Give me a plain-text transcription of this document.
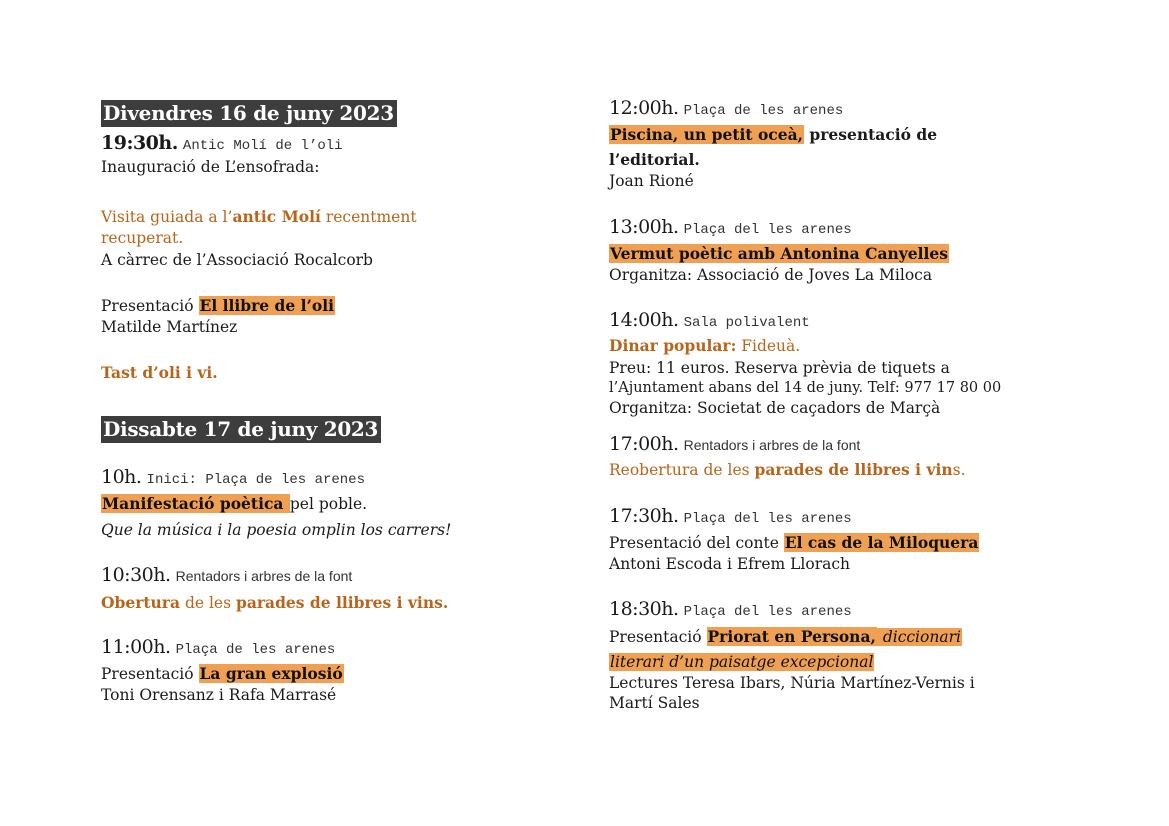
Divendres 16 de juny 2023
19:30h. Antic Molí de l’oli
Inauguració de L’ensofrada:
Visita guiada a l’antic Molí recentment
recuperat.
A càrrec de l’Associació Rocalcorb
Presentació El llibre de l’oli
Matilde Martínez
Tast d’oli i vi.
Dissabte 17 de juny 2023
10h. Inici: Plaça de les arenes
Manifestació poètica pel poble.
Que la música i la poesia omplin los carrers!
10:30h. Rentadors i arbres de la font
Obertura de les parades de llibres i vins.
11:00h. Plaça de les arenes
Presentació La gran explosió
Toni Orensanz i Rafa Marrasé
12:00h. Plaça de les arenes
Piscina, un petit oceà, presentació de
l’editorial.
Joan Rioné
13:00h. Plaça del les arenes
Vermut poètic amb Antonina Canyelles
Organitza: Associació de Joves La Miloca
14:00h. Sala polivalent
Dinar popular: Fideuà.
Preu: 11 euros. Reserva prèvia de tiquets a
l’Ajuntament abans del 14 de juny. Telf: 977 17 80 00
Organitza: Societat de caçadors de Marçà
17:00h. Rentadors i arbres de la font
Reobertura de les parades de llibres i vins.
17:30h. Plaça del les arenes
Presentació del conte El cas de la Miloquera
Antoni Escoda i Efrem Llorach
18:30h. Plaça del les arenes
Presentació Priorat en Persona, diccionari
literari d’un paisatge excepcional
Lectures Teresa Ibars, Núria Martínez-Vernis i
Martí Sales
